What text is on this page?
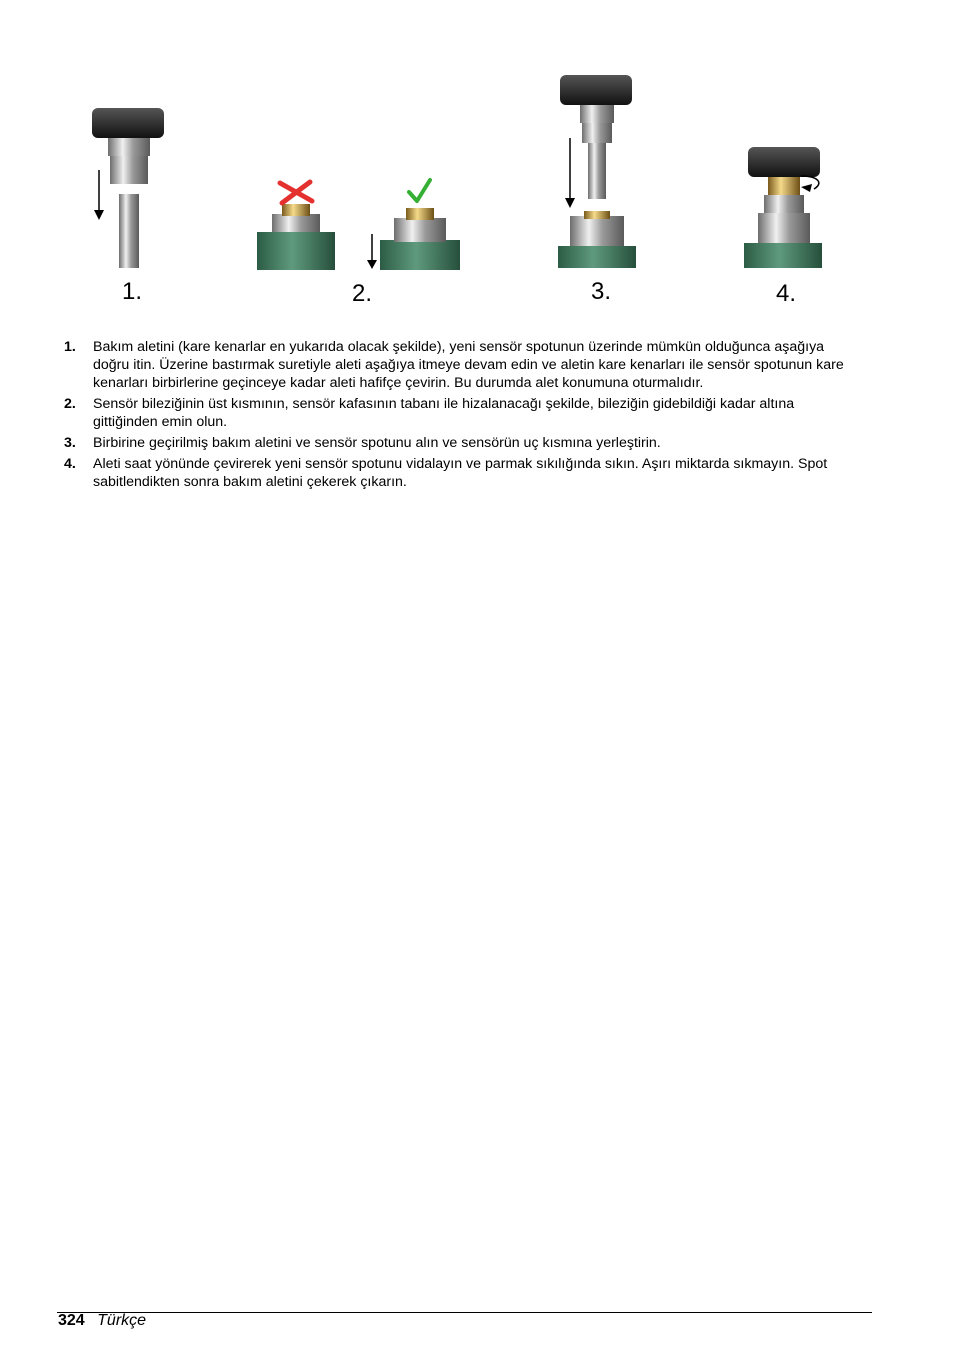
1.	2.	3.	4.
1. Bakım aletini (kare kenarlar en yukarıda olacak şekilde), yeni sensör spotunun üzerinde mümkün olduğunca aşağıya doğru itin. Üzerine bastırmak suretiyle aleti aşağıya itmeye devam edin ve aletin kare kenarları ile sensör spotunun kare kenarları birbirlerine geçinceye kadar aleti hafifçe çevirin. Bu durumda alet konumuna oturmalıdır.
2. Sensör bileziğinin üst kısmının, sensör kafasının tabanı ile hizalanacağı şekilde, bileziğin gidebildiği kadar altına gittiğinden emin olun.
3. Birbirine geçirilmiş bakım aletini ve sensör spotunu alın ve sensörün uç kısmına yerleştirin.
4. Aleti saat yönünde çevirerek yeni sensör spotunu vidalayın ve parmak sıkılığında sıkın. Aşırı miktarda sıkmayın. Spot sabitlendikten sonra bakım aletini çekerek çıkarın.
324 Türkçe
